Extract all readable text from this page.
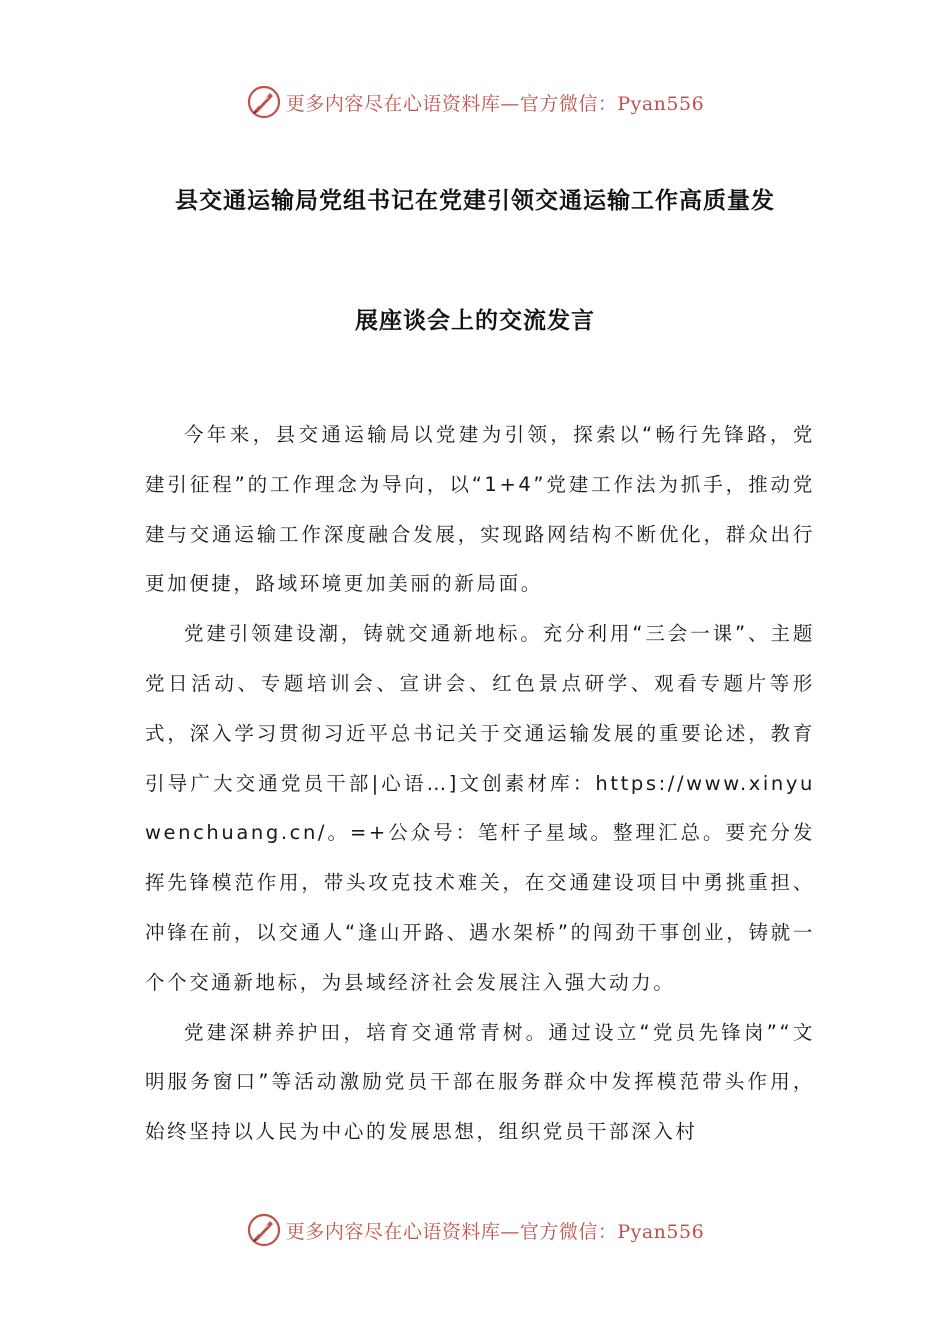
更多内容尽在心语资料库—官方微信：Pyan556
县交通运输局党组书记在党建引领交通运输工作高质量发
展座谈会上的交流发言

今年来，县交通运输局以党建为引领，探索以“畅行先锋路，党建引征程”的工作理念为导向，以“1+4”党建工作法为抓手，推动党建与交通运输工作深度融合发展，实现路网结构不断优化，群众出行更加便捷，路域环境更加美丽的新局面。

党建引领建设潮，铸就交通新地标。充分利用“三会一课”、主题党日活动、专题培训会、宣讲会、红色景点研学、观看专题片等形式，深入学习贯彻习近平总书记关于交通运输发展的重要论述，教育引导广大交通党员干部|心语…]文创素材库：https://www.xinyuwenchuang.cn/。=+公众号：笔杆子星域。整理汇总。要充分发挥先锋模范作用，带头攻克技术难关，在交通建设项目中勇挑重担、冲锋在前，以交通人“逢山开路、遇水架桥”的闯劲干事创业，铸就一个个交通新地标，为县域经济社会发展注入强大动力。

党建深耕养护田，培育交通常青树。通过设立“党员先锋岗”“文明服务窗口”等活动激励党员干部在服务群众中发挥模范带头作用，始终坚持以人民为中心的发展思想，组织党员干部深入村

更多内容尽在心语资料库—官方微信：Pyan556
